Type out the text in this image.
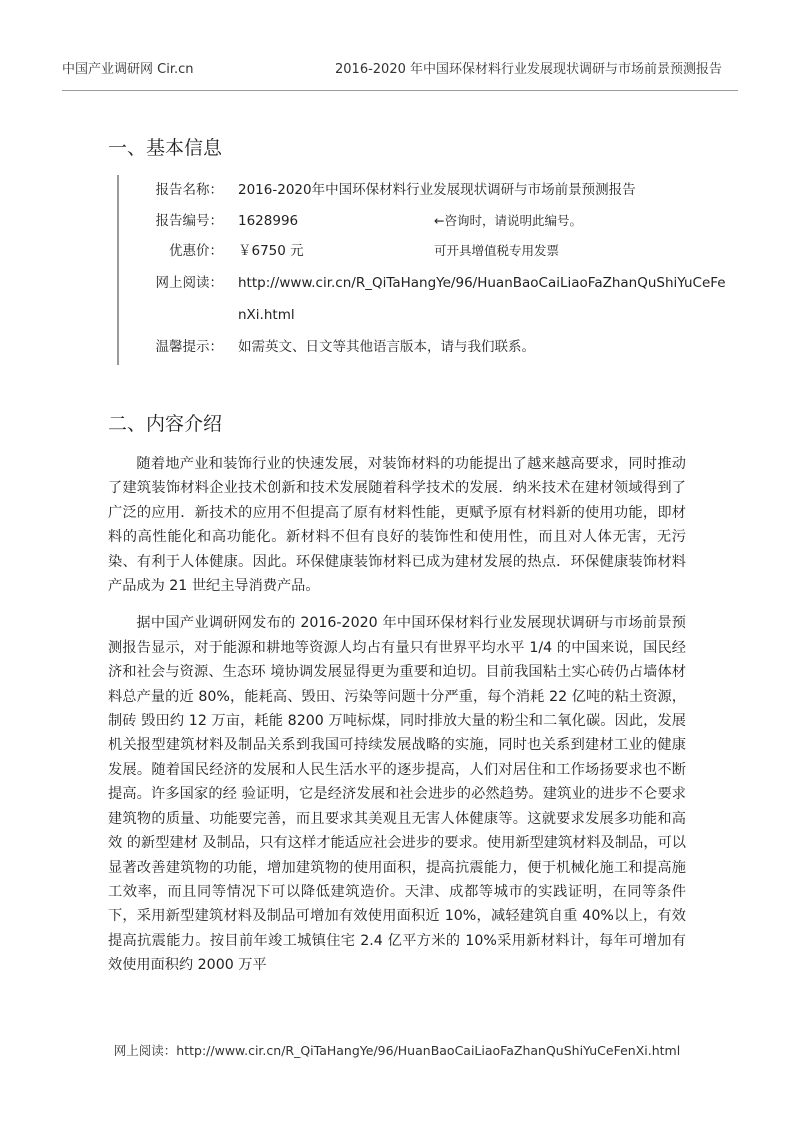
中国产业调研网 Cir.cn	2016-2020 年中国环保材料行业发展现状调研与市场前景预测报告
一、基本信息
报告名称： 2016-2020年中国环保材料行业发展现状调研与市场前景预测报告
报告编号： 1628996	←咨询时，请说明此编号。
优惠价： ￥6750 元	可开具增值税专用发票
网上阅读： http://www.cir.cn/R_QiTaHangYe/96/HuanBaoCaiLiaoFaZhanQuShiYuCeFe
nXi.html
温馨提示： 如需英文、日文等其他语言版本，请与我们联系。
二、内容介绍

随着地产业和装饰行业的快速发展，对装饰材料的功能提出了越来越高要求，同时推动了建筑装饰材料企业技术创新和技术发展随着科学技术的发展．纳米技术在建材领域得到了广泛的应用．新技术的应用不但提高了原有材料性能，更赋予原有材料新的使用功能，即材料的高性能化和高功能化。新材料不但有良好的装饰性和使用性，而且对人体无害，无污染、有利于人体健康。因此。环保健康装饰材料已成为建材发展的热点．环保健康装饰材料产品成为 21 世纪主导消费产品。

据中国产业调研网发布的 2016-2020 年中国环保材料行业发展现状调研与市场前景预测报告显示，对于能源和耕地等资源人均占有量只有世界平均水平 1/4 的中国来说，国民经济和社会与资源、生态环 境协调发展显得更为重要和迫切。目前我国粘土实心砖仍占墙体材料总产量的近 80%，能耗高、毁田、污染等问题十分严重，每个消耗 22 亿吨的粘土资源，制砖 毁田约 12 万亩，耗能 8200 万吨标煤，同时排放大量的粉尘和二氧化碳。因此，发展机关报型建筑材料及制品关系到我国可持续发展战略的实施，同时也关系到建材工业的健康发展。随着国民经济的发展和人民生活水平的逐步提高，人们对居住和工作场扬要求也不断提高。许多国家的经 验证明，它是经济发展和社会进步的必然趋势。建筑业的进步不仑要求建筑物的质量、功能要完善，而且要求其美观且无害人体健康等。这就要求发展多功能和高效 的新型建材 及制品，只有这样才能适应社会进步的要求。使用新型建筑材料及制品，可以显著改善建筑物的功能，增加建筑物的使用面积，提高抗震能力，便于机械化施工和提高施工效率，而且同等情况下可以降低建筑造价。天津、成都等城市的实践证明，在同等条件下，采用新型建筑材料及制品可增加有效使用面积近 10%，减轻建筑自重 40%以上，有效提高抗震能力。按目前年竣工城镇住宅 2.4 亿平方米的 10%采用新材料计，每年可增加有效使用面积约 2000 万平

网上阅读：http://www.cir.cn/R_QiTaHangYe/96/HuanBaoCaiLiaoFaZhanQuShiYuCeFenXi.html
